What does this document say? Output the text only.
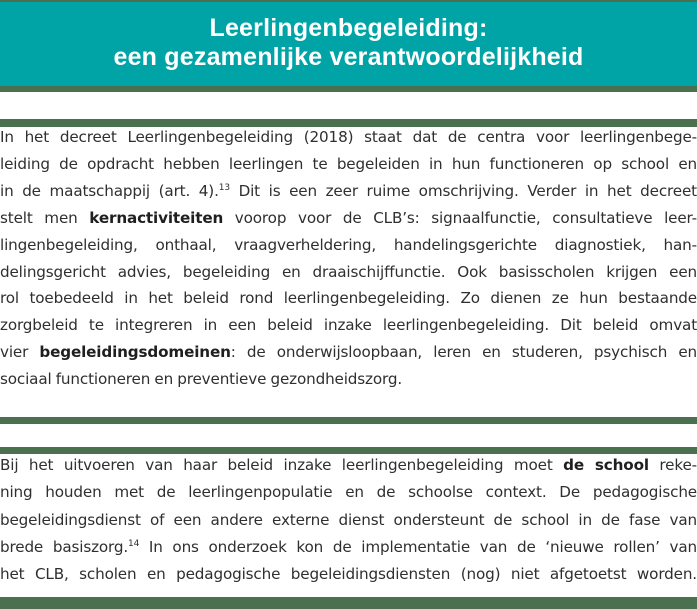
Leerlingenbegeleiding:
een gezamenlijke verantwoordelijkheid

In het decreet Leerlingenbegeleiding (2018) staat dat de centra voor leerlingenbege-
leiding de opdracht hebben leerlingen te begeleiden in hun functioneren op school en
in de maatschappij (art. 4).$^{13}$ Dit is een zeer ruime omschrijving. Verder in het decreet
stelt men kernactiviteiten voorop voor de CLB’s: signaalfunctie, consultatieve leer-
lingenbegeleiding, onthaal, vraagverheldering, handelingsgerichte diagnostiek, han-
delingsgericht advies, begeleiding en draaischijffunctie. Ook basisscholen krijgen een
rol toebedeeld in het beleid rond leerlingenbegeleiding. Zo dienen ze hun bestaande
zorgbeleid te integreren in een beleid inzake leerlingenbegeleiding. Dit beleid omvat
vier begeleidingsdomeinen: de onderwijsloopbaan, leren en studeren, psychisch en
sociaal functioneren en preventieve gezondheidszorg.

Bij het uitvoeren van haar beleid inzake leerlingenbegeleiding moet de school reke-
ning houden met de leerlingenpopulatie en de schoolse context. De pedagogische
begeleidingsdienst of een andere externe dienst ondersteunt de school in de fase van
brede basiszorg.$^{14}$ In ons onderzoek kon de implementatie van de ‘nieuwe rollen’ van
het CLB, scholen en pedagogische begeleidingsdiensten (nog) niet afgetoetst worden.
